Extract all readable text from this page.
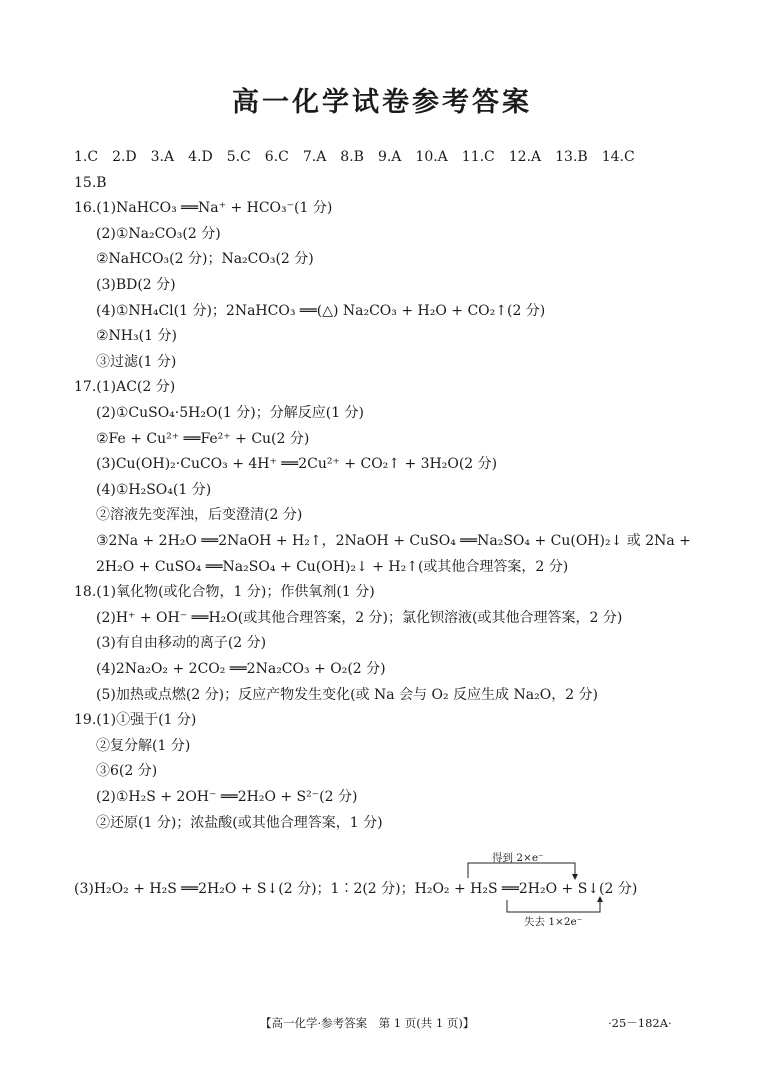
高一化学试卷参考答案
1.C　2.D　3.A　4.D　5.C　6.C　7.A　8.B　9.A　10.A　11.C　12.A　13.B　14.C
15.B
16.(1)NaHCO₃ ══Na⁺ + HCO₃⁻(1 分)
(2)①Na₂CO₃(2 分)
②NaHCO₃(2 分)；Na₂CO₃(2 分)
(3)BD(2 分)
(4)①NH₄Cl(1 分)；2NaHCO₃ ══(△) Na₂CO₃ + H₂O + CO₂↑(2 分)
②NH₃(1 分)
③过滤(1 分)
17.(1)AC(2 分)
(2)①CuSO₄·5H₂O(1 分)；分解反应(1 分)
②Fe + Cu²⁺ ══Fe²⁺ + Cu(2 分)
(3)Cu(OH)₂·CuCO₃ + 4H⁺ ══2Cu²⁺ + CO₂↑ + 3H₂O(2 分)
(4)①H₂SO₄(1 分)
②溶液先变浑浊，后变澄清(2 分)
③2Na + 2H₂O ══2NaOH + H₂↑，2NaOH + CuSO₄ ══Na₂SO₄ + Cu(OH)₂↓ 或 2Na +
2H₂O + CuSO₄ ══Na₂SO₄ + Cu(OH)₂↓ + H₂↑(或其他合理答案，2 分)
18.(1)氧化物(或化合物，1 分)；作供氧剂(1 分)
(2)H⁺ + OH⁻ ══H₂O(或其他合理答案，2 分)；氯化钡溶液(或其他合理答案，2 分)
(3)有自由移动的离子(2 分)
(4)2Na₂O₂ + 2CO₂ ══2Na₂CO₃ + O₂(2 分)
(5)加热或点燃(2 分)；反应产物发生变化(或 Na 会与 O₂ 反应生成 Na₂O，2 分)
19.(1)①强于(1 分)
②复分解(1 分)
③6(2 分)
(2)①H₂S + 2OH⁻ ══2H₂O + S²⁻(2 分)
②还原(1 分)；浓盐酸(或其他合理答案，1 分)
得到 2×e⁻
失去 1×2e⁻
(3)H₂O₂ + H₂S ══2H₂O + S↓(2 分)；1∶2(2 分)；H₂O₂ + H₂S ══2H₂O + S↓(2 分)
【高一化学·参考答案　第 1 页(共 1 页)】	·25－182A·
